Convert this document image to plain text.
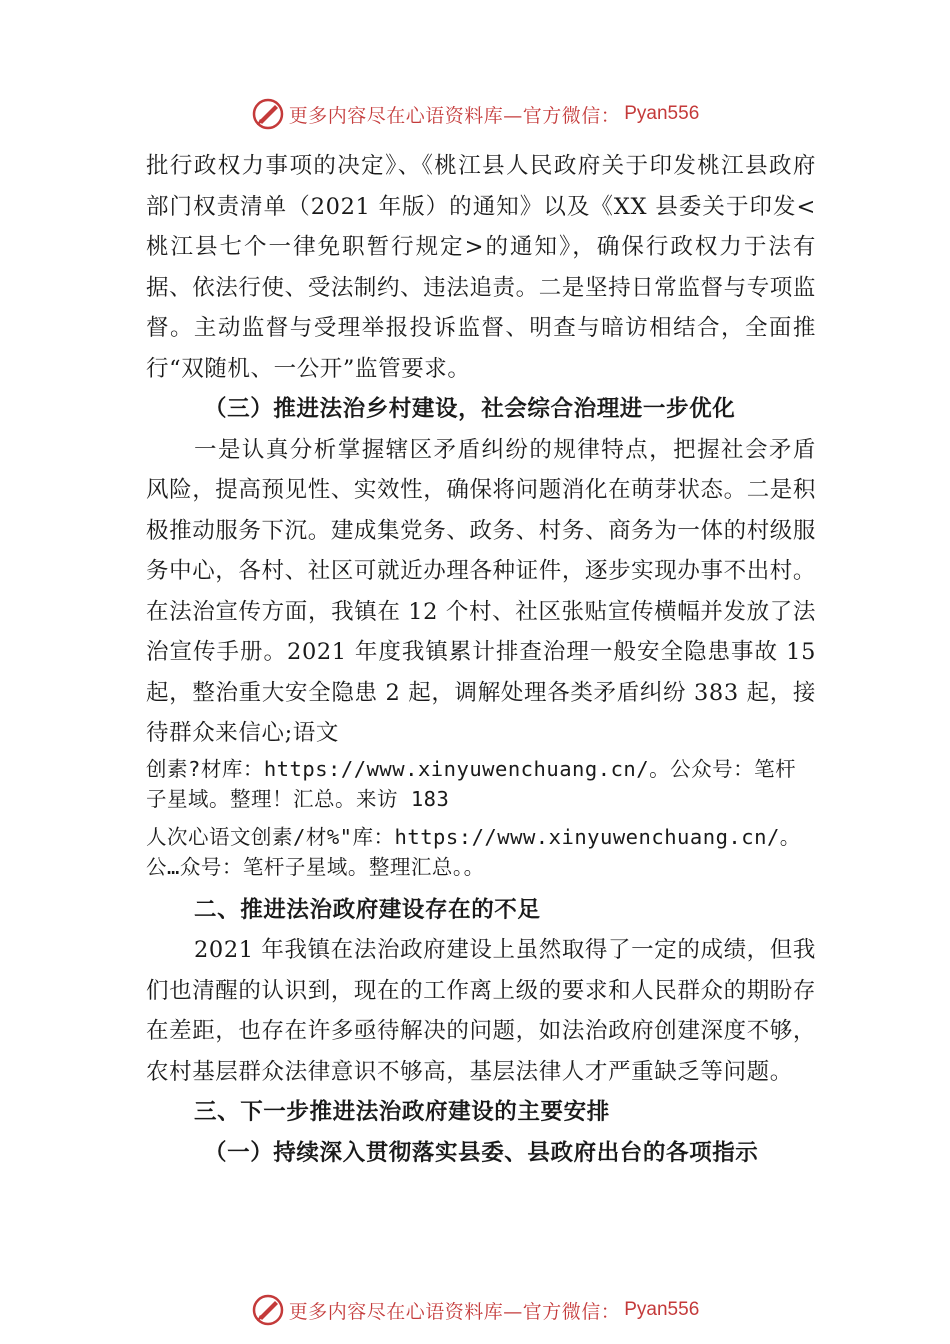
更多内容尽在心语资料库—官方微信： Pyan556

批行政权力事项的决定》、《桃江县人民政府关于印发桃江县政府部门权责清单（2021 年版）的通知》以及《XX 县委关于印发<桃江县七个一律免职暂行规定>的通知》，确保行政权力于法有据、依法行使、受法制约、违法追责。二是坚持日常监督与专项监督。主动监督与受理举报投诉监督、明查与暗访相结合，全面推行“双随机、一公开”监管要求。

（三）推进法治乡村建设，社会综合治理进一步优化

一是认真分析掌握辖区矛盾纠纷的规律特点，把握社会矛盾风险，提高预见性、实效性，确保将问题消化在萌芽状态。二是积极推动服务下沉。建成集党务、政务、村务、商务为一体的村级服务中心，各村、社区可就近办理各种证件，逐步实现办事不出村。在法治宣传方面，我镇在 12 个村、社区张贴宣传横幅并发放了法治宣传手册。2021 年度我镇累计排查治理一般安全隐患事故 15 起，整治重大安全隐患 2 起，调解处理各类矛盾纠纷 383 起，接待群众来信心;语文

创素?材库：https://www.xinyuwenchuang.cn/。公众号：笔杆子星域。整理！汇总。来访 183

人次心语文创素/材%"库：https://www.xinyuwenchuang.cn/。公…众号：笔杆子星域。整理汇总。。

二、推进法治政府建设存在的不足

2021 年我镇在法治政府建设上虽然取得了一定的成绩，但我们也清醒的认识到，现在的工作离上级的要求和人民群众的期盼存在差距，也存在许多亟待解决的问题，如法治政府创建深度不够，农村基层群众法律意识不够高，基层法律人才严重缺乏等问题。

三、下一步推进法治政府建设的主要安排
（一）持续深入贯彻落实县委、县政府出台的各项指示
更多内容尽在心语资料库—官方微信： Pyan556
